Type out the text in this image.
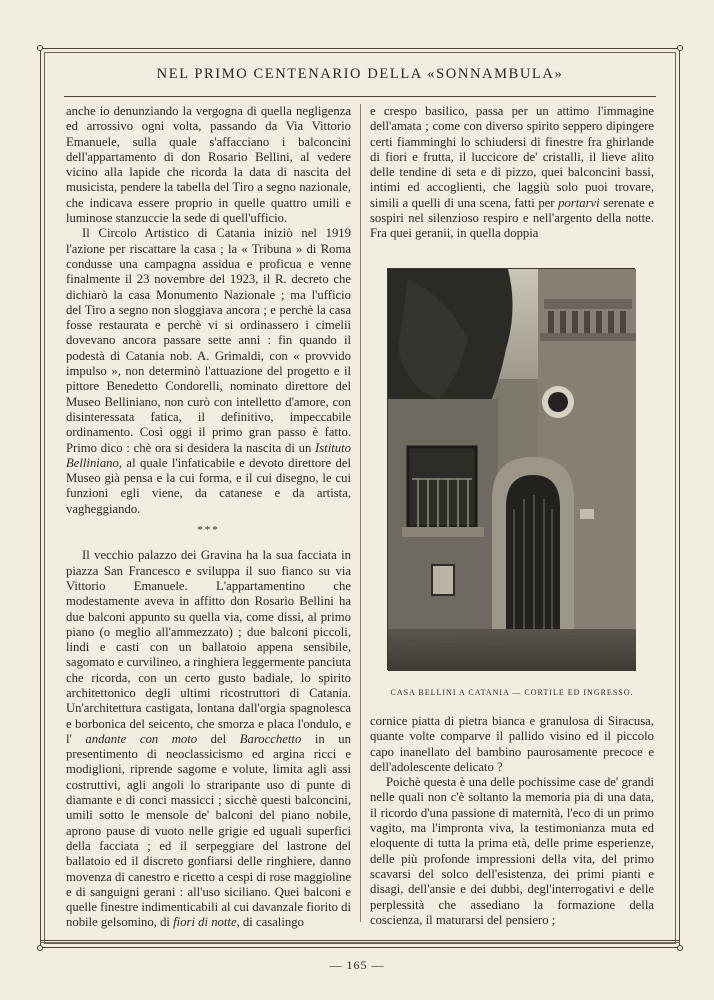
NEL PRIMO CENTENARIO DELLA «SONNAMBULA»

anche io denunziando la vergogna di quella negligenza ed arrossivo ogni volta, passando da Via Vittorio Emanuele, sulla quale s'affacciano i balconcini dell'appartamento di don Rosario Bellini, al vedere vicino alla lapide che ricorda la data di nascita del musicista, pendere la tabella del Tiro a segno nazionale, che indicava essere proprio in quelle quattro umili e luminose stanzuccie la sede di quell'ufficio.

Il Circolo Artistico di Catania iniziò nel 1919 l'azione per riscattare la casa ; la « Tribuna » di Roma condusse una campagna assidua e proficua e venne finalmente il 23 novembre del 1923, il R. decreto che dichiarò la casa Monumento Nazionale ; ma l'ufficio del Tiro a segno non sloggiava ancora ; e perchè la casa fosse restaurata e perchè vi si ordinassero i cimelii dovevano ancora passare sette anni : fin quando il podestà di Catania nob. A. Grimaldi, con « provvido impulso », non determinò l'attuazione del progetto e il pittore Benedetto Condorelli, nominato direttore del Museo Belliniano, non curò con intelletto d'amore, con disinteressata fatica, il definitivo, impeccabile ordinamento. Così oggi il primo gran passo è fatto. Primo dico : chè ora si desidera la nascita di un Istituto Belliniano, al quale l'infaticabile e devoto direttore del Museo già pensa e la cui forma, e il cui disegno, le cui funzioni egli viene, da catanese e da artista, vagheggiando.

***

Il vecchio palazzo dei Gravina ha la sua facciata in piazza San Francesco e sviluppa il suo fianco su via Vittorio Emanuele. L'appartamentino che modestamente aveva in affitto don Rosario Bellini ha due balconi appunto su quella via, come dissi, al primo piano (o meglio all'ammezzato) ; due balconi piccoli, lindi e casti con un ballatoio appena sensibile, sagomato e curvilineo, a ringhiera leggermente panciuta che ricorda, con un certo gusto badiale, lo spirito architettonico degli ultimi ricostruttori di Catania. Un'architettura castigata, lontana dall'orgia spagnolesca e borbonica del seicento, che smorza e placa l'ondulo, e l' andante con moto del Barocchetto in un presentimento di neoclassicismo ed argina ricci e modiglioni, riprende sagome e volute, limita agli assi costruttivi, agli angoli lo straripante uso di punte di diamante e di conci massicci ; sicchè questi balconcini, umili sotto le mensole de' balconi del piano nobile, aprono pause di vuoto nelle grigie ed uguali superfici della facciata ; ed il serpeggiare del lastrone del ballatoio ed il discreto gonfiarsi delle ringhiere, danno movenza di canestro e ricetto a cespi di rose maggioline e di sanguigni gerani : all'uso siciliano. Quei balconi e quelle finestre indimenticabili al cui davanzale fiorito di nobile gelsomino, di fiori di notte, di casalingo

e crespo basilico, passa per un attimo l'immagine dell'amata ; come con diverso spirito seppero dipingere certi fiamminghi lo schiudersi di finestre fra ghirlande di fiori e frutta, il luccicore de' cristalli, il lieve alito delle tendine di seta e di pizzo, quei balconcini bassi, intimi ed accoglienti, che laggiù solo puoi trovare, simili a quelli di una scena, fatti per portarvi serenate e sospiri nel silenzioso respiro e nell'argento della notte. Fra quei geranii, in quella doppia

CASA BELLINI A CATANIA — CORTILE ED INGRESSO.

cornice piatta di pietra bianca e granulosa di Siracusa, quante volte comparve il pallido visino ed il piccolo capo inanellato del bambino paurosamente precoce e dell'adolescente delicato ?

Poichè questa è una delle pochissime case de' grandi nelle quali non c'è soltanto la memoria pia di una data, il ricordo d'una passione di maternità, l'eco di un primo vagito, ma l'impronta viva, la testimonianza muta ed eloquente di tutta la prima età, delle prime esperienze, delle più profonde impressioni della vita, del primo scavarsi del solco dell'esistenza, dei primi pianti e disagi, dell'ansie e dei dubbi, degl'interrogativi e delle perplessità che assediano la formazione della coscienza, il maturarsi del pensiero ;

— 165 —
